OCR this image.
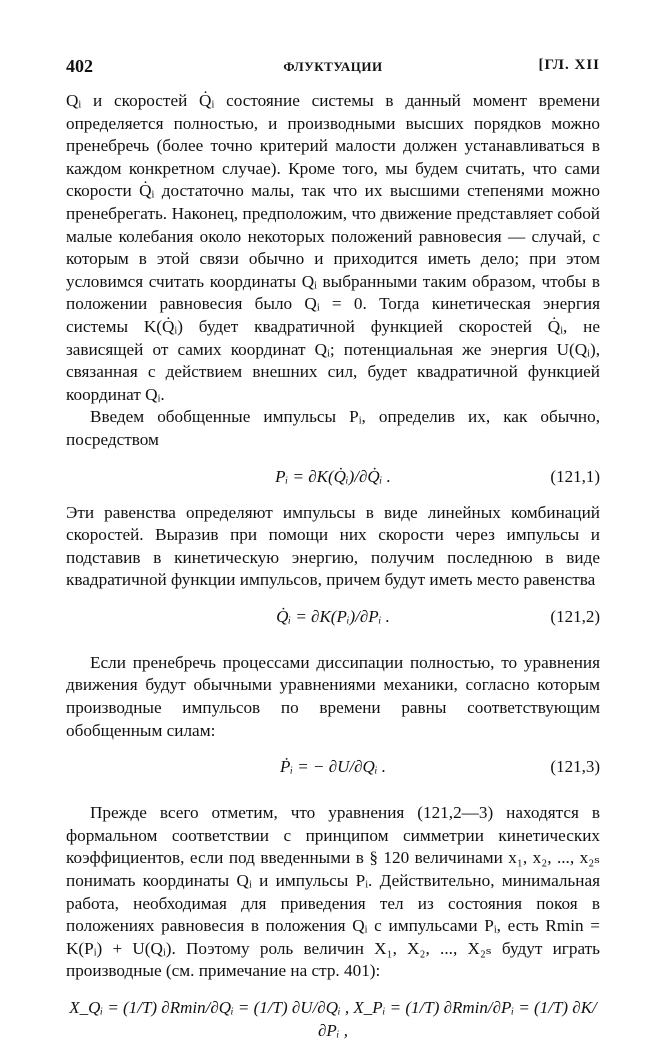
402	ФЛУКТУАЦИИ	[ГЛ. XII

Qᵢ и скоростей Q̇ᵢ состояние системы в данный момент времени определяется полностью, и производными высших порядков можно пренебречь (более точно критерий малости должен устанавливаться в каждом конкретном случае). Кроме того, мы будем считать, что сами скорости Q̇ᵢ достаточно малы, так что их высшими степенями можно пренебрегать. Наконец, предположим, что движение представляет собой малые колебания около некоторых положений равновесия — случай, с которым в этой связи обычно и приходится иметь дело; при этом условимся считать координаты Qᵢ выбранными таким образом, чтобы в положении равновесия было Qᵢ = 0. Тогда кинетическая энергия системы K(Q̇ᵢ) будет квадратичной функцией скоростей Q̇ᵢ, не зависящей от самих координат Qᵢ; потенциальная же энергия U(Qᵢ), связанная с действием внешних сил, будет квадратичной функцией координат Qᵢ.

Введем обобщенные импульсы Pᵢ, определив их, как обычно, посредством

Pᵢ = ∂K(Q̇ᵢ)/∂Q̇ᵢ .	(121,1)

Эти равенства определяют импульсы в виде линейных комбинаций скоростей. Выразив при помощи них скорости через импульсы и подставив в кинетическую энергию, получим последнюю в виде квадратичной функции импульсов, причем будут иметь место равенства

Q̇ᵢ = ∂K(Pᵢ)/∂Pᵢ .	(121,2)

Если пренебречь процессами диссипации полностью, то уравнения движения будут обычными уравнениями механики, согласно которым производные импульсов по времени равны соответствующим обобщенным силам:

Ṗᵢ = − ∂U/∂Qᵢ .	(121,3)

Прежде всего отметим, что уравнения (121,2—3) находятся в формальном соответствии с принципом симметрии кинетических коэффициентов, если под введенными в § 120 величинами x₁, x₂, ..., x₂ₛ понимать координаты Qᵢ и импульсы Pᵢ. Действительно, минимальная работа, необходимая для приведения тел из состояния покоя в положениях равновесия в положения Qᵢ с импульсами Pᵢ, есть Rmin = K(Pᵢ) + U(Qᵢ). Поэтому роль величин X₁, X₂, ..., X₂ₛ будут играть производные (см. примечание на стр. 401):

X_Qᵢ = (1/T) ∂Rmin/∂Qᵢ = (1/T) ∂U/∂Qᵢ , X_Pᵢ = (1/T) ∂Rmin/∂Pᵢ = (1/T) ∂K/∂Pᵢ ,
